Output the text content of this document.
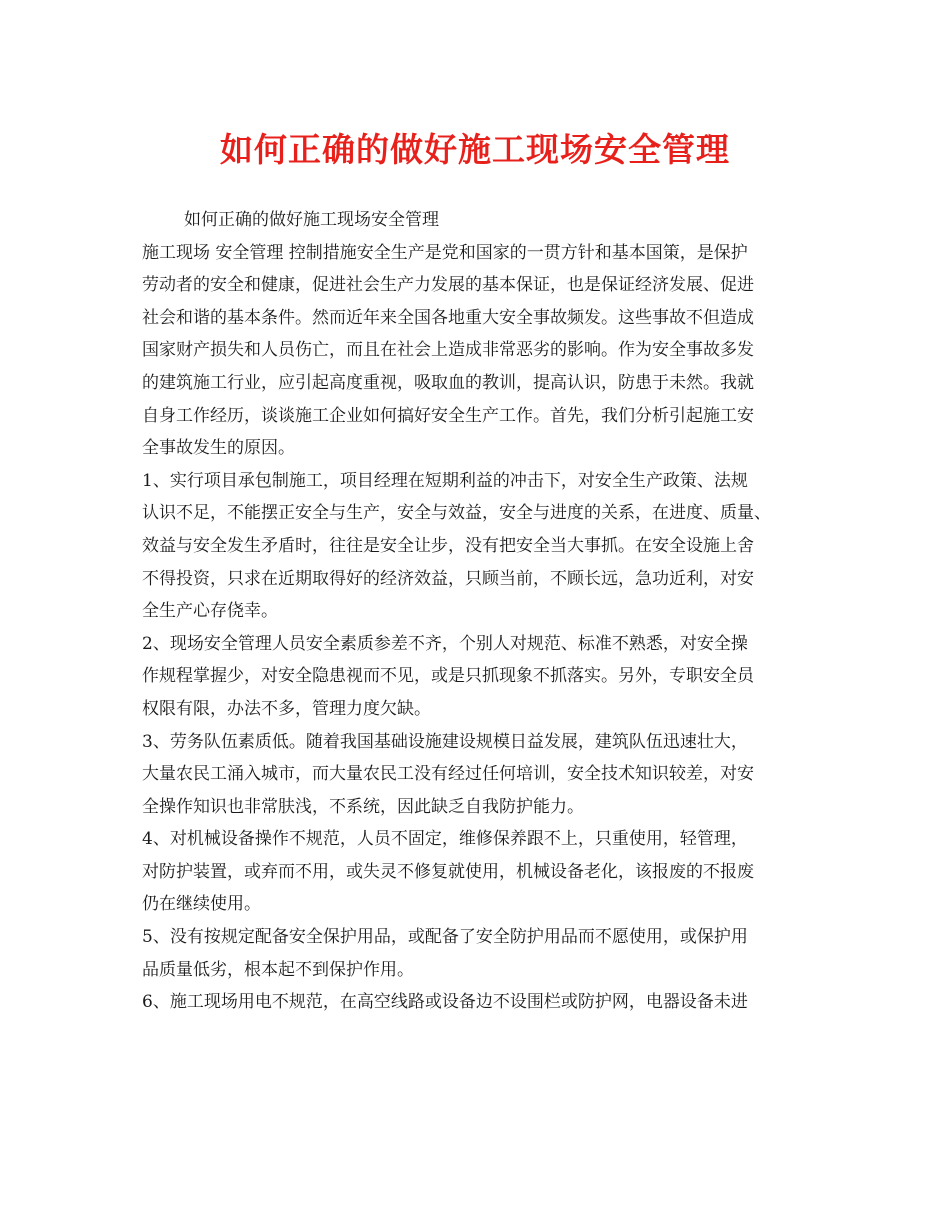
如何正确的做好施工现场安全管理
如何正确的做好施工现场安全管理
施工现场 安全管理 控制措施安全生产是党和国家的一贯方针和基本国策，是保护
劳动者的安全和健康，促进社会生产力发展的基本保证，也是保证经济发展、促进
社会和谐的基本条件。然而近年来全国各地重大安全事故频发。这些事故不但造成
国家财产损失和人员伤亡，而且在社会上造成非常恶劣的影响。作为安全事故多发
的建筑施工行业，应引起高度重视，吸取血的教训，提高认识，防患于未然。我就
自身工作经历，谈谈施工企业如何搞好安全生产工作。首先，我们分析引起施工安
全事故发生的原因。
1、实行项目承包制施工，项目经理在短期利益的冲击下，对安全生产政策、法规
认识不足，不能摆正安全与生产，安全与效益，安全与进度的关系，在进度、质量、
效益与安全发生矛盾时，往往是安全让步，没有把安全当大事抓。在安全设施上舍
不得投资，只求在近期取得好的经济效益，只顾当前，不顾长远，急功近利，对安
全生产心存侥幸。
2、现场安全管理人员安全素质参差不齐，个别人对规范、标准不熟悉，对安全操
作规程掌握少，对安全隐患视而不见，或是只抓现象不抓落实。另外，专职安全员
权限有限，办法不多，管理力度欠缺。
3、劳务队伍素质低。随着我国基础设施建设规模日益发展，建筑队伍迅速壮大，
大量农民工涌入城市，而大量农民工没有经过任何培训，安全技术知识较差，对安
全操作知识也非常肤浅，不系统，因此缺乏自我防护能力。
4、对机械设备操作不规范，人员不固定，维修保养跟不上，只重使用，轻管理，
对防护装置，或弃而不用，或失灵不修复就使用，机械设备老化，该报废的不报废
仍在继续使用。
5、没有按规定配备安全保护用品，或配备了安全防护用品而不愿使用，或保护用
品质量低劣，根本起不到保护作用。
6、施工现场用电不规范，在高空线路或设备边不设围栏或防护网，电器设备未进
